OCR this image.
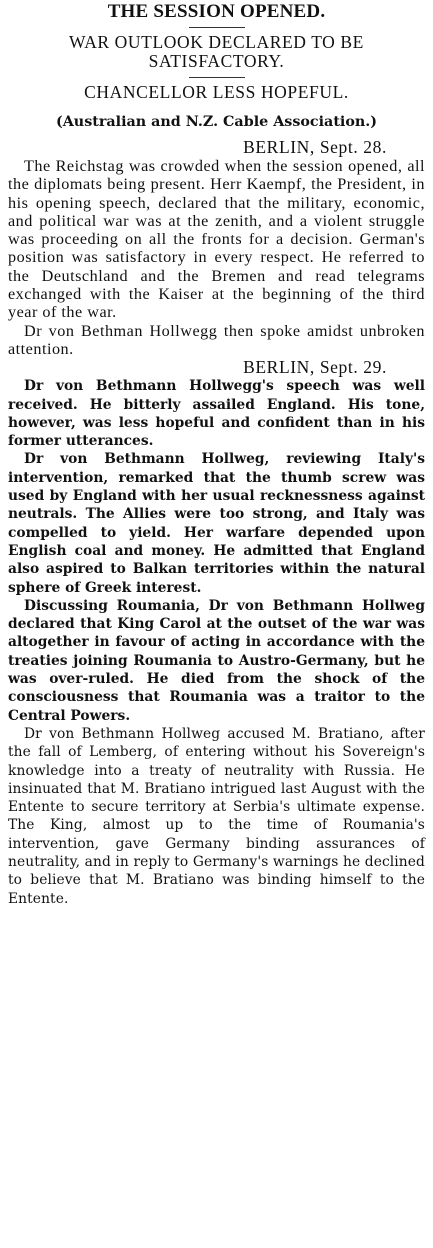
THE SESSION OPENED.
WAR OUTLOOK DECLARED TO BE SATISFACTORY.
CHANCELLOR LESS HOPEFUL.
(Australian and N.Z. Cable Association.)
BERLIN, Sept. 28.

The Reichstag was crowded when the session opened, all the diplomats being present. Herr Kaempf, the President, in his opening speech, declared that the military, economic, and political war was at the zenith, and a violent struggle was proceeding on all the fronts for a decision. German's position was satisfactory in every respect. He referred to the Deutschland and the Bremen and read telegrams exchanged with the Kaiser at the beginning of the third year of the war.

Dr von Bethman Hollwegg then spoke amidst unbroken attention.

BERLIN, Sept. 29.

Dr von Bethmann Hollwegg's speech was well received. He bitterly assailed England. His tone, however, was less hopeful and confident than in his former utterances.

Dr von Bethmann Hollweg, reviewing Italy's intervention, remarked that the thumb screw was used by England with her usual recknessness against neutrals. The Allies were too strong, and Italy was compelled to yield. Her warfare depended upon English coal and money. He admitted that England also aspired to Balkan territories within the natural sphere of Greek interest.

Discussing Roumania, Dr von Bethmann Hollweg declared that King Carol at the outset of the war was altogether in favour of acting in accordance with the treaties joining Roumania to Austro-Germany, but he was over-ruled. He died from the shock of the consciousness that Roumania was a traitor to the Central Powers.

Dr von Bethmann Hollweg accused M. Bratiano, after the fall of Lemberg, of entering without his Sovereign's knowledge into a treaty of neutrality with Russia. He insinuated that M. Bratiano intrigued last August with the Entente to secure territory at Serbia's ultimate expense. The King, almost up to the time of Roumania's intervention, gave Germany binding assurances of neutrality, and in reply to Germany's warnings he declined to believe that M. Bratiano was binding himself to the Entente.
